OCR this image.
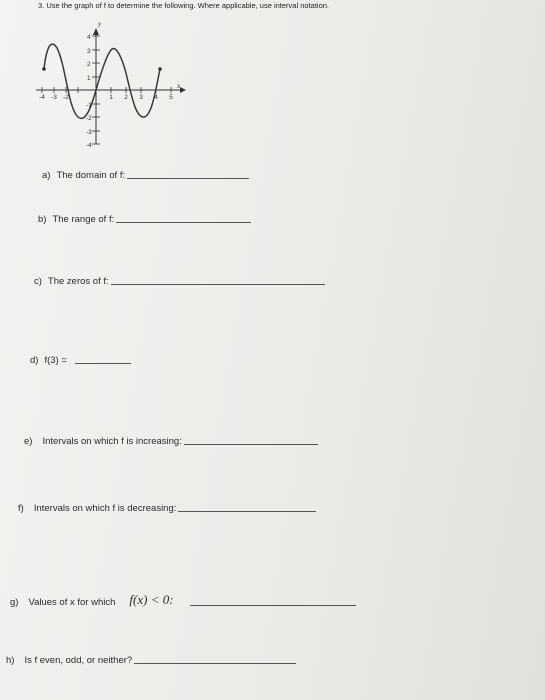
3. Use the graph of f to determine the following. Where applicable, use interval notation.
x
y
-4 -3 -2	1 2 3 4 5
4
3
2
1
-1
-2
-3
-4
a) The domain of f:
b) The range of f:
c) The zeros of f:
d) f(3) =
e) Intervals on which f is increasing:
f) Intervals on which f is decreasing:
g) Values of x for which f(x) < 0:
h) Is f even, odd, or neither?
